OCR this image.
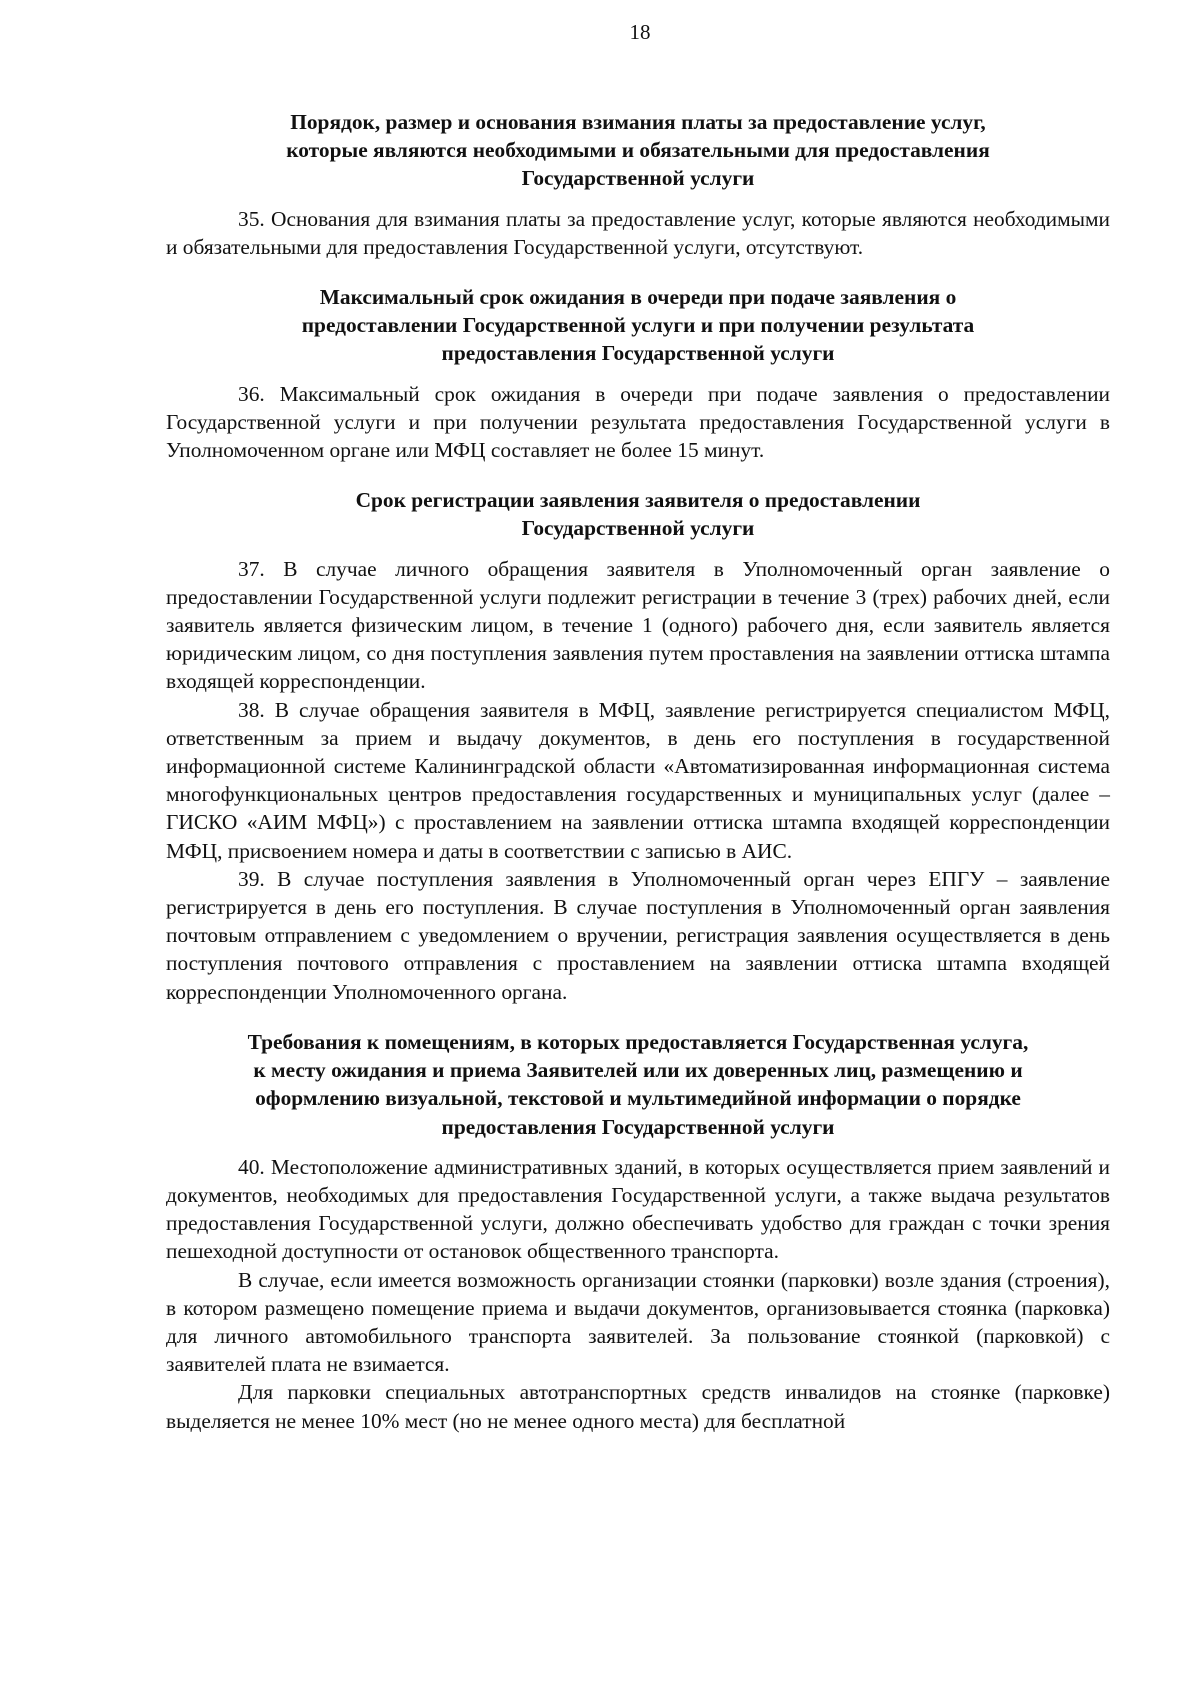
18
Порядок, размер и основания взимания платы за предоставление услуг,
которые являются необходимыми и обязательными для предоставления
Государственной услуги

35. Основания для взимания платы за предоставление услуг, которые являются необходимыми и обязательными для предоставления Государственной услуги, отсутствуют.

Максимальный срок ожидания в очереди при подаче заявления о
предоставлении Государственной услуги и при получении результата
предоставления Государственной услуги

36. Максимальный срок ожидания в очереди при подаче заявления о предоставлении Государственной услуги и при получении результата предоставления Государственной услуги в Уполномоченном органе или МФЦ составляет не более 15 минут.

Срок регистрации заявления заявителя о предоставлении
Государственной услуги

37. В случае личного обращения заявителя в Уполномоченный орган заявление о предоставлении Государственной услуги подлежит регистрации в течение 3 (трех) рабочих дней, если заявитель является физическим лицом, в течение 1 (одного) рабочего дня, если заявитель является юридическим лицом, со дня поступления заявления путем проставления на заявлении оттиска штампа входящей корреспонденции.

38. В случае обращения заявителя в МФЦ, заявление регистрируется специалистом МФЦ, ответственным за прием и выдачу документов, в день его поступления в государственной информационной системе Калининградской области «Автоматизированная информационная система многофункциональных центров предоставления государственных и муниципальных услуг (далее – ГИСКО «АИМ МФЦ») с проставлением на заявлении оттиска штампа входящей корреспонденции МФЦ, присвоением номера и даты в соответствии с записью в АИС.

39. В случае поступления заявления в Уполномоченный орган через ЕПГУ – заявление регистрируется в день его поступления. В случае поступления в Уполномоченный орган заявления почтовым отправлением с уведомлением о вручении, регистрация заявления осуществляется в день поступления почтового отправления с проставлением на заявлении оттиска штампа входящей корреспонденции Уполномоченного органа.

Требования к помещениям, в которых предоставляется Государственная услуга,
к месту ожидания и приема Заявителей или их доверенных лиц, размещению и
оформлению визуальной, текстовой и мультимедийной информации о порядке
предоставления Государственной услуги

40. Местоположение административных зданий, в которых осуществляется прием заявлений и документов, необходимых для предоставления Государственной услуги, а также выдача результатов предоставления Государственной услуги, должно обеспечивать удобство для граждан с точки зрения пешеходной доступности от остановок общественного транспорта.

В случае, если имеется возможность организации стоянки (парковки) возле здания (строения), в котором размещено помещение приема и выдачи документов, организовывается стоянка (парковка) для личного автомобильного транспорта заявителей. За пользование стоянкой (парковкой) с заявителей плата не взимается.

Для парковки специальных автотранспортных средств инвалидов на стоянке (парковке) выделяется не менее 10% мест (но не менее одного места) для бесплатной
